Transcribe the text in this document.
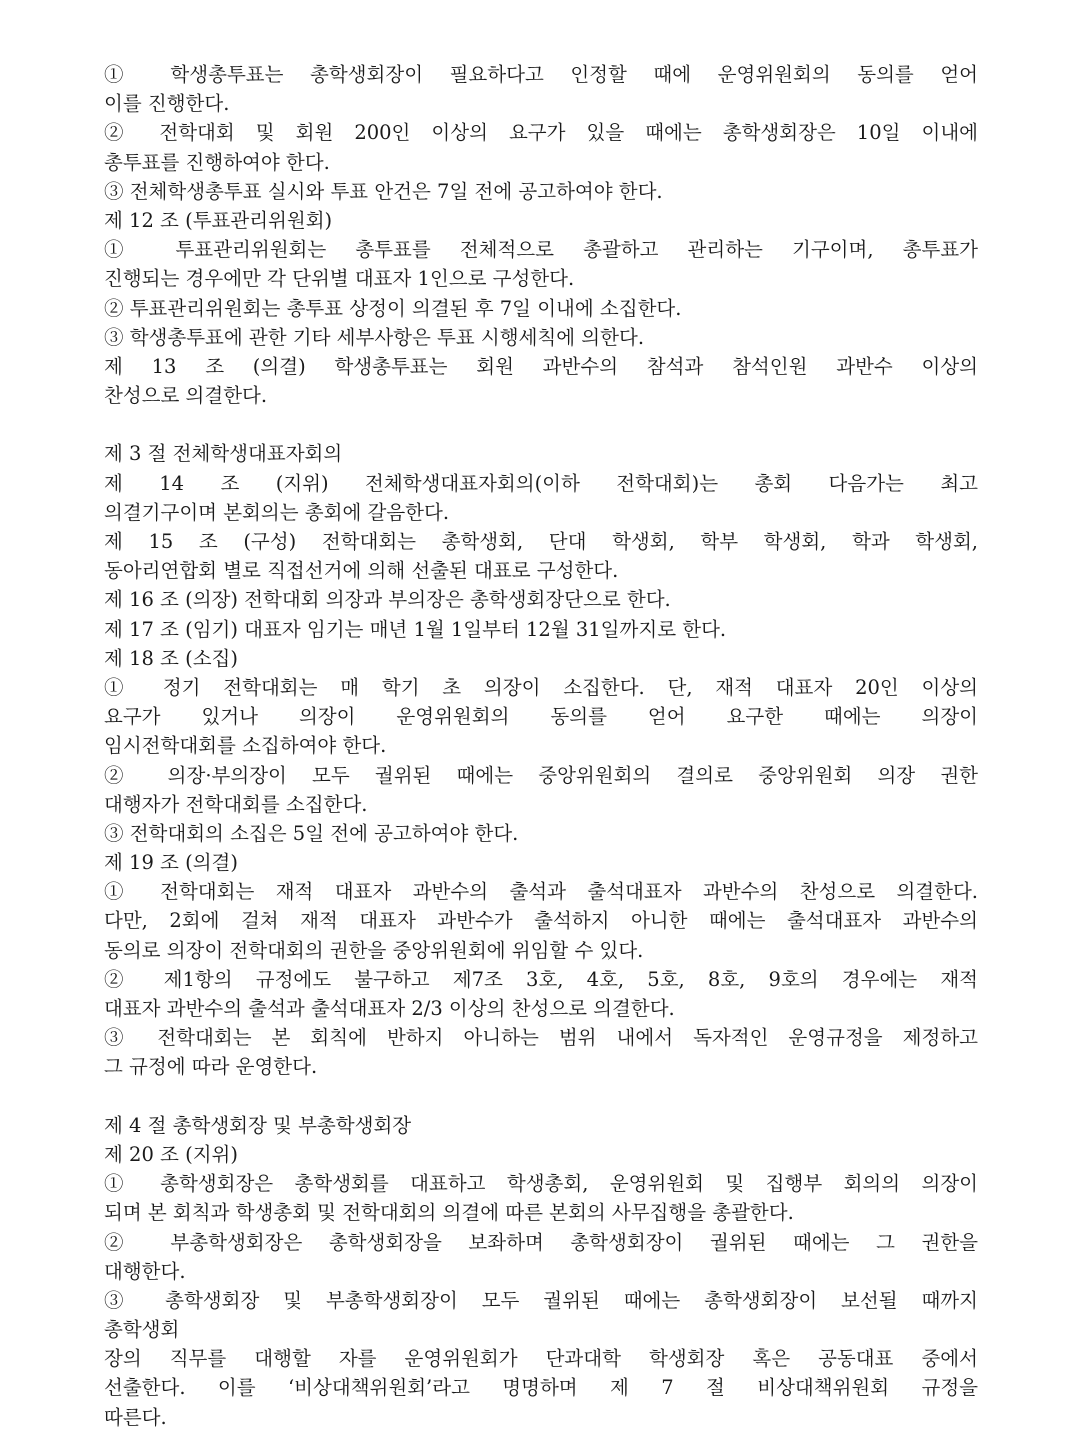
① 학생총투표는 총학생회장이 필요하다고 인정할 때에 운영위원회의 동의를 얻어
이를 진행한다.
② 전학대회 및 회원 200인 이상의 요구가 있을 때에는 총학생회장은 10일 이내에
총투표를 진행하여야 한다.
③ 전체학생총투표 실시와 투표 안건은 7일 전에 공고하여야 한다.
제 12 조 (투표관리위원회)
① 투표관리위원회는 총투표를 전체적으로 총괄하고 관리하는 기구이며, 총투표가
진행되는 경우에만 각 단위별 대표자 1인으로 구성한다.
② 투표관리위원회는 총투표 상정이 의결된 후 7일 이내에 소집한다.
③ 학생총투표에 관한 기타 세부사항은 투표 시행세칙에 의한다.
제 13 조 (의결) 학생총투표는 회원 과반수의 참석과 참석인원 과반수 이상의
찬성으로 의결한다.
제 3 절 전체학생대표자회의
제 14 조 (지위) 전체학생대표자회의(이하 전학대회)는 총회 다음가는 최고
의결기구이며 본회의는 총회에 갈음한다.
제 15 조 (구성) 전학대회는 총학생회, 단대 학생회, 학부 학생회, 학과 학생회,
동아리연합회 별로 직접선거에 의해 선출된 대표로 구성한다.
제 16 조 (의장) 전학대회 의장과 부의장은 총학생회장단으로 한다.
제 17 조 (임기) 대표자 임기는 매년 1월 1일부터 12월 31일까지로 한다.
제 18 조 (소집)
① 정기 전학대회는 매 학기 초 의장이 소집한다. 단, 재적 대표자 20인 이상의
요구가 있거나 의장이 운영위원회의 동의를 얻어 요구한 때에는 의장이
임시전학대회를 소집하여야 한다.
② 의장·부의장이 모두 궐위된 때에는 중앙위원회의 결의로 중앙위원회 의장 권한
대행자가 전학대회를 소집한다.
③ 전학대회의 소집은 5일 전에 공고하여야 한다.
제 19 조 (의결)
① 전학대회는 재적 대표자 과반수의 출석과 출석대표자 과반수의 찬성으로 의결한다.
다만, 2회에 걸쳐 재적 대표자 과반수가 출석하지 아니한 때에는 출석대표자 과반수의
동의로 의장이 전학대회의 권한을 중앙위원회에 위임할 수 있다.
② 제1항의 규정에도 불구하고 제7조 3호, 4호, 5호, 8호, 9호의 경우에는 재적
대표자 과반수의 출석과 출석대표자 2/3 이상의 찬성으로 의결한다.
③ 전학대회는 본 회칙에 반하지 아니하는 범위 내에서 독자적인 운영규정을 제정하고
그 규정에 따라 운영한다.
제 4 절 총학생회장 및 부총학생회장
제 20 조 (지위)
① 총학생회장은 총학생회를 대표하고 학생총회, 운영위원회 및 집행부 회의의 의장이
되며 본 회칙과 학생총회 및 전학대회의 의결에 따른 본회의 사무집행을 총괄한다.
② 부총학생회장은 총학생회장을 보좌하며 총학생회장이 궐위된 때에는 그 권한을
대행한다.
③ 총학생회장 및 부총학생회장이 모두 궐위된 때에는 총학생회장이 보선될 때까지
총학생회
장의 직무를 대행할 자를 운영위원회가 단과대학 학생회장 혹은 공동대표 중에서
선출한다. 이를 ‘비상대책위원회’라고 명명하며 제 7 절 비상대책위원회 규정을
따른다.
